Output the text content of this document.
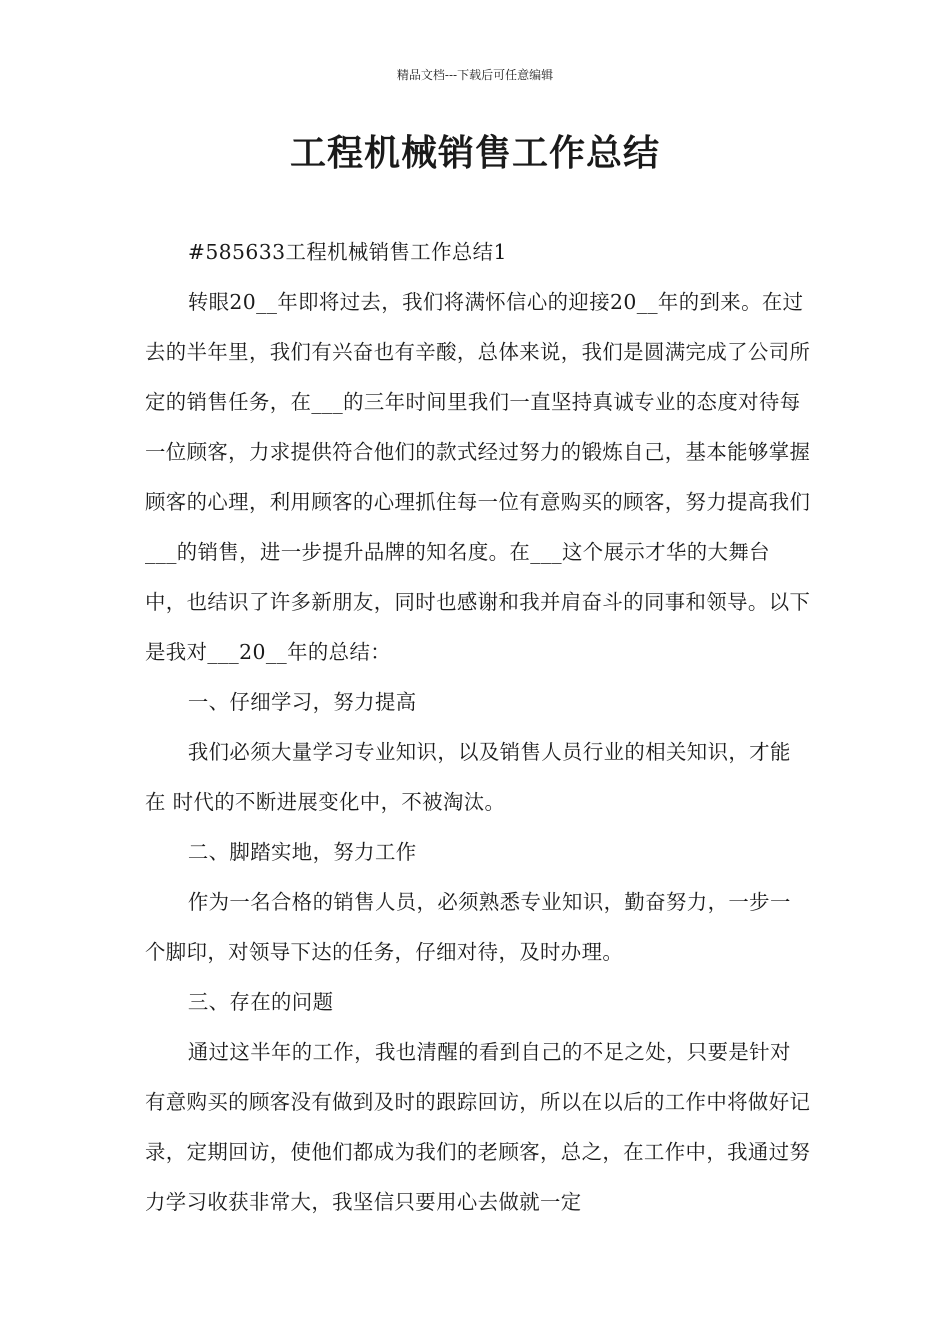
精品文档---下载后可任意编辑
工程机械销售工作总结

#585633工程机械销售工作总结1

转眼20__年即将过去，我们将满怀信心的迎接20__年的到来。在过去的半年里，我们有兴奋也有辛酸，总体来说，我们是圆满完成了公司所定的销售任务，在___的三年时间里我们一直坚持真诚专业的态度对待每一位顾客，力求提供符合他们的款式经过努力的锻炼自己，基本能够掌握顾客的心理，利用顾客的心理抓住每一位有意购买的顾客，努力提高我们___的销售，进一步提升品牌的知名度。在___这个展示才华的大舞台中，也结识了许多新朋友，同时也感谢和我并肩奋斗的同事和领导。以下是我对___20__年的总结：

一、仔细学习，努力提高

我们必须大量学习专业知识，以及销售人员行业的相关知识，才能在 时代的不断进展变化中，不被淘汰。

二、脚踏实地，努力工作

作为一名合格的销售人员，必须熟悉专业知识，勤奋努力，一步一个脚印，对领导下达的任务，仔细对待，及时办理。

三、存在的问题

通过这半年的工作，我也清醒的看到自己的不足之处，只要是针对有意购买的顾客没有做到及时的跟踪回访，所以在以后的工作中将做好记录，定期回访，使他们都成为我们的老顾客，总之，在工作中，我通过努力学习收获非常大，我坚信只要用心去做就一定
